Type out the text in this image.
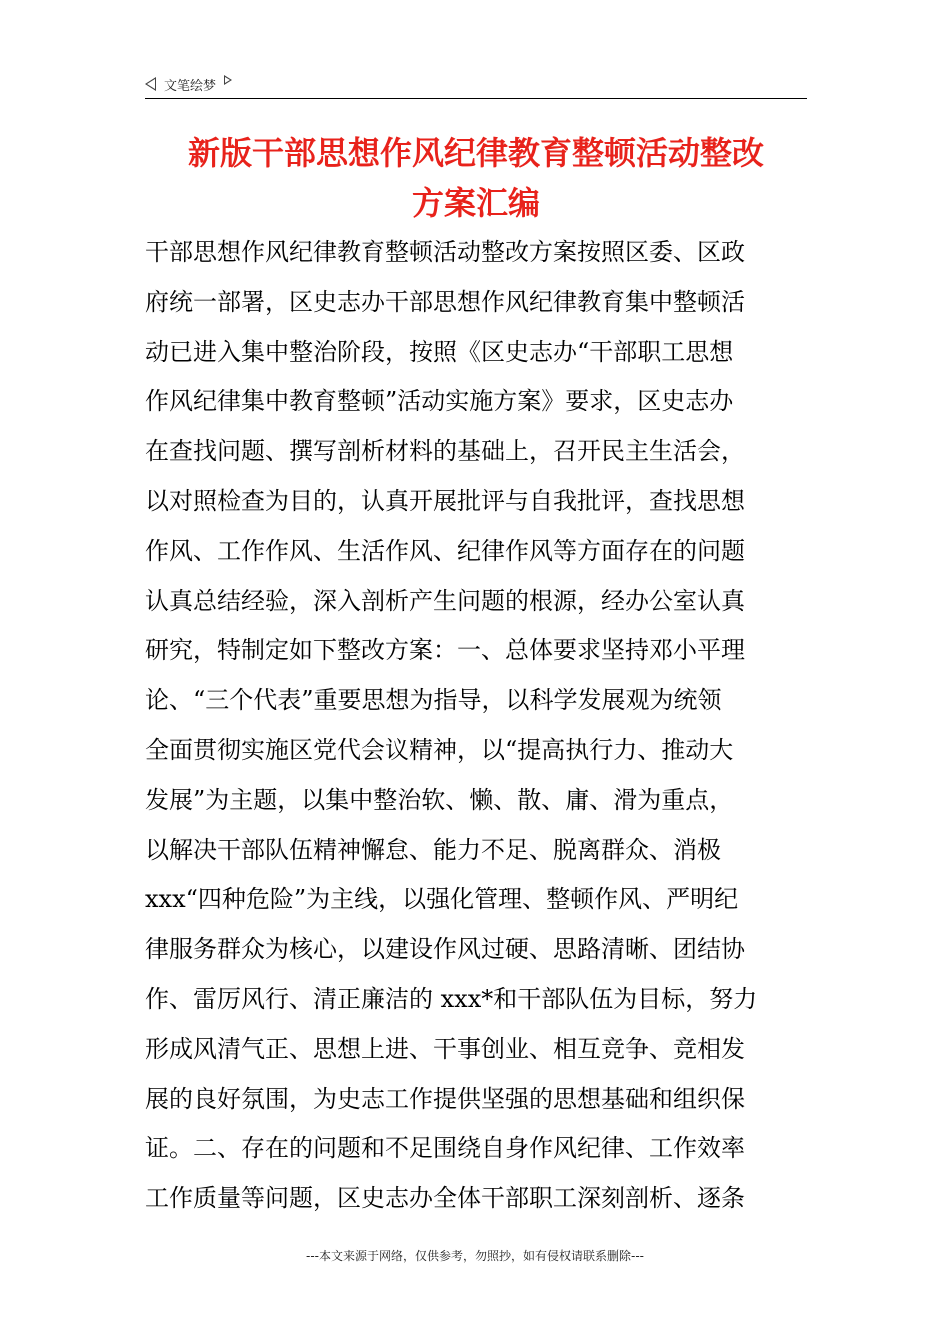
文笔绘梦
新版干部思想作风纪律教育整顿活动整改
方案汇编
干部思想作风纪律教育整顿活动整改方案按照区委、区政
府统一部署，区史志办干部思想作风纪律教育集中整顿活
动已进入集中整治阶段，按照《区史志办“干部职工思想
作风纪律集中教育整顿”活动实施方案》要求，区史志办
在查找问题、撰写剖析材料的基础上，召开民主生活会，
以对照检查为目的，认真开展批评与自我批评，查找思想
作风、工作作风、生活作风、纪律作风等方面存在的问题
认真总结经验，深入剖析产生问题的根源，经办公室认真
研究，特制定如下整改方案：一、总体要求坚持邓小平理
论、“三个代表”重要思想为指导，以科学发展观为统领
全面贯彻实施区党代会议精神，以“提高执行力、推动大
发展”为主题，以集中整治软、懒、散、庸、滑为重点，
以解决干部队伍精神懈怠、能力不足、脱离群众、消极
xxx“四种危险”为主线，以强化管理、整顿作风、严明纪
律服务群众为核心，以建设作风过硬、思路清晰、团结协
作、雷厉风行、清正廉洁的 xxx*和干部队伍为目标，努力
形成风清气正、思想上进、干事创业、相互竞争、竞相发
展的良好氛围，为史志工作提供坚强的思想基础和组织保
证。二、存在的问题和不足围绕自身作风纪律、工作效率
工作质量等问题，区史志办全体干部职工深刻剖析、逐条
---本文来源于网络，仅供参考，勿照抄，如有侵权请联系删除---
